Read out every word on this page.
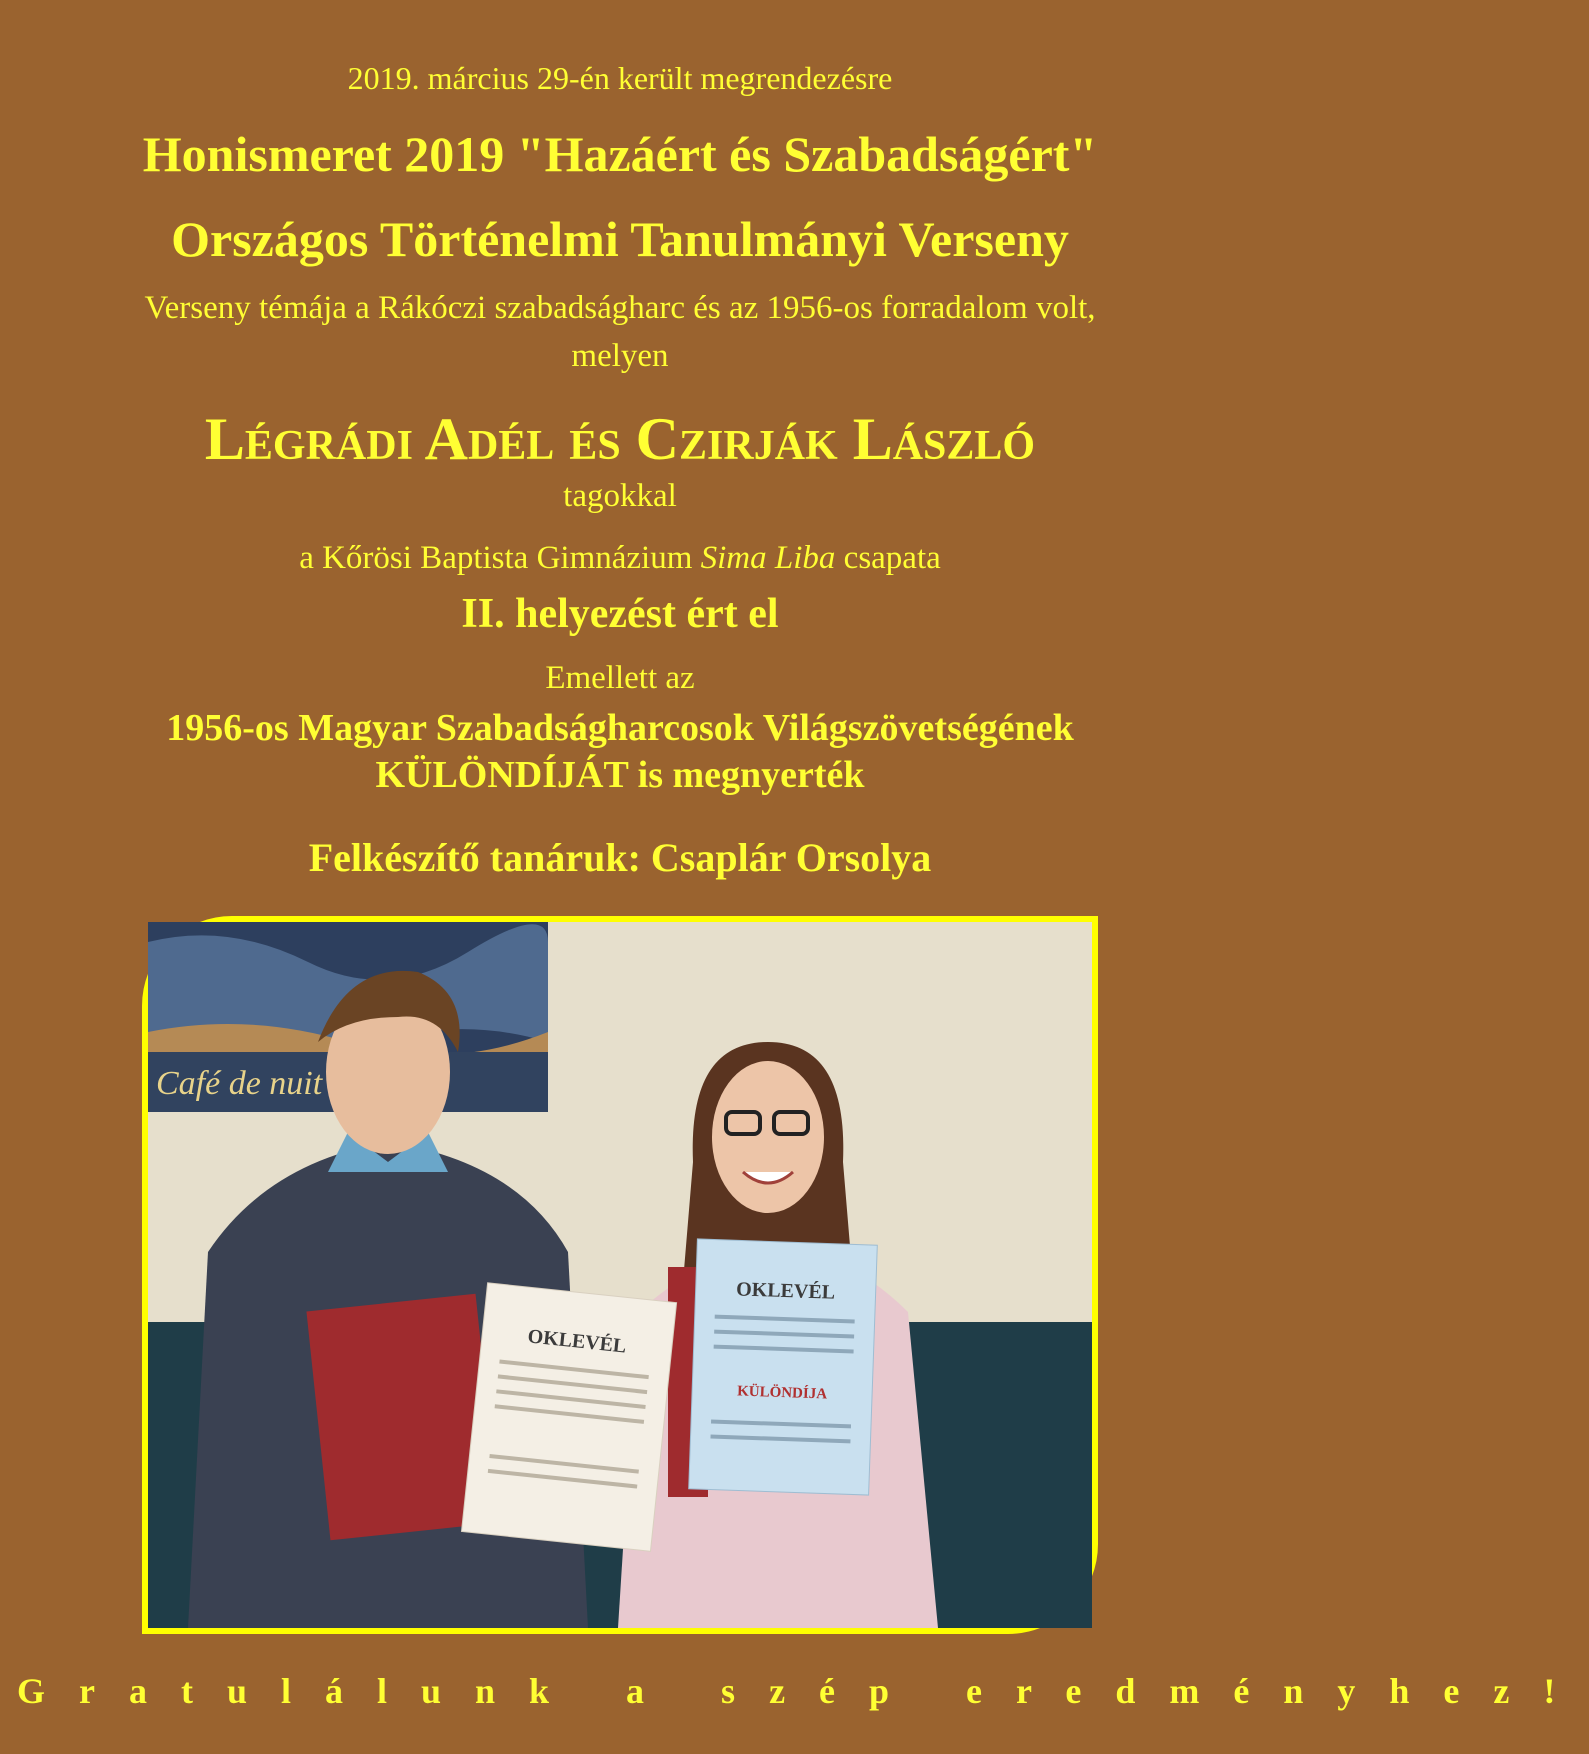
2019. március 29-én került megrendezésre
Honismeret 2019 "Hazáért és Szabadságért"
Országos Történelmi Tanulmányi Verseny
Verseny témája a Rákóczi szabadságharc és az 1956-os forradalom volt,
melyen
Légrádi Adél és Czirják László
tagokkal
a Kőrösi Baptista Gimnázium Sima Liba csapata
II. helyezést ért el
Emellett az
1956-os Magyar Szabadságharcosok Világszövetségének
KÜLÖNDÍJÁT is megnyerték
Felkészítő tanáruk: Csaplár Orsolya
Café de nuit
OKLEVÉL
OKLEVÉL
KÜLÖNDÍJA
Gratulálunk a szép eredményhez!
